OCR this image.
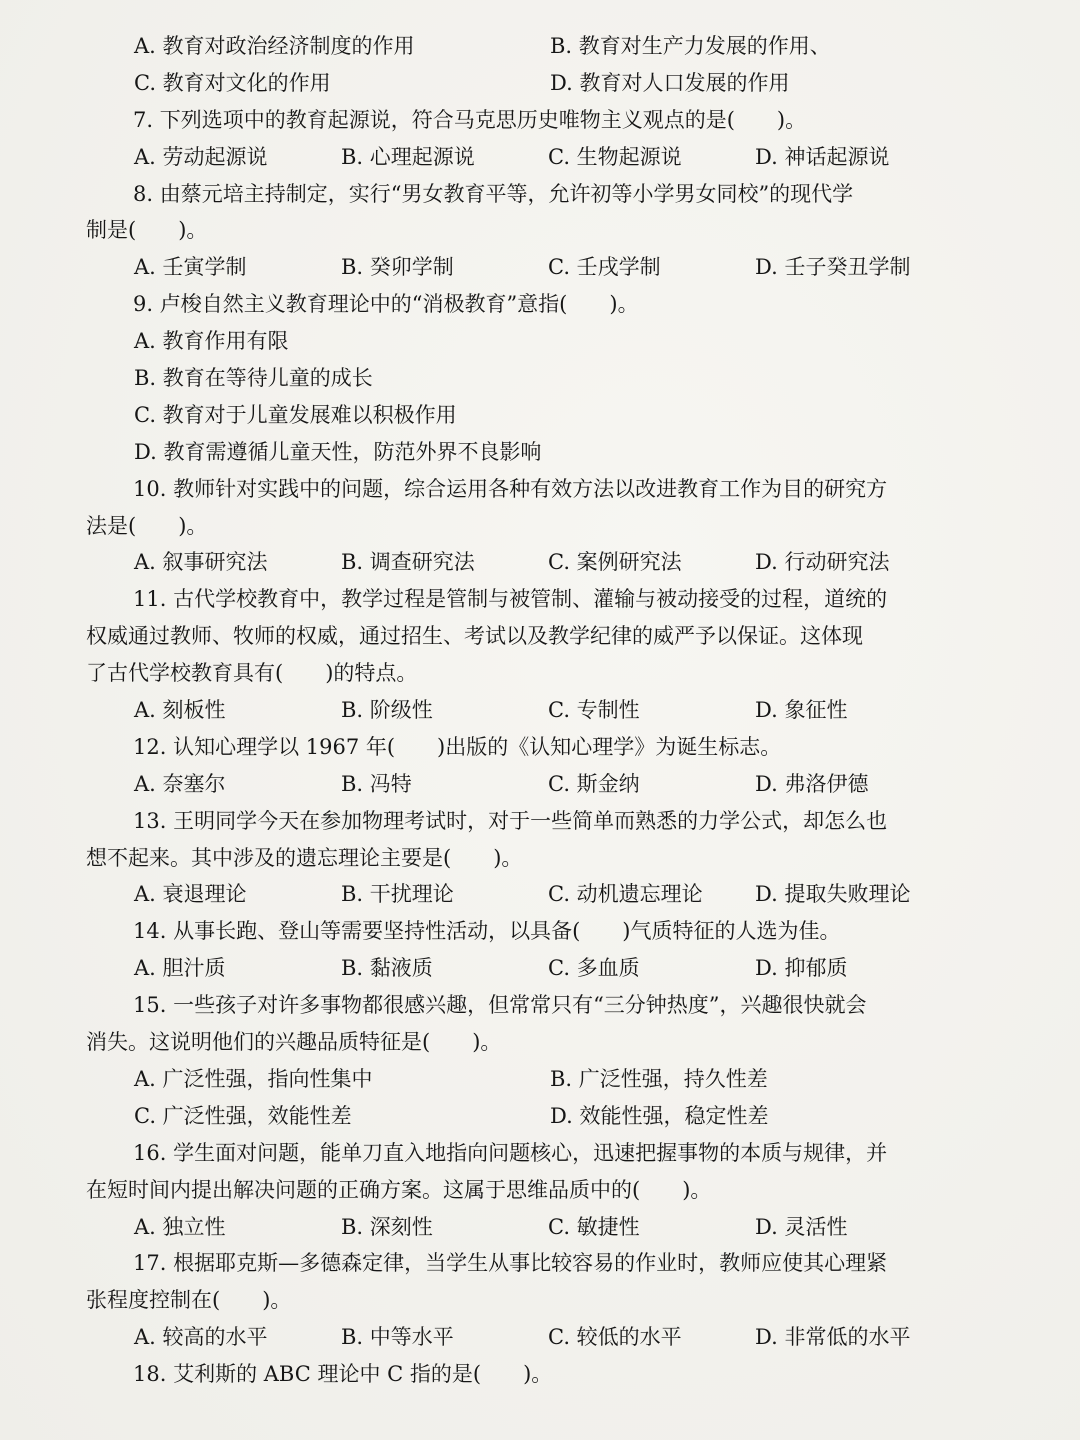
A. 教育对政治经济制度的作用	B. 教育对生产力发展的作用、
C. 教育对文化的作用	D. 教育对人口发展的作用
7. 下列选项中的教育起源说，符合马克思历史唯物主义观点的是(　　)。
A. 劳动起源说	B. 心理起源说	C. 生物起源说	D. 神话起源说
8. 由蔡元培主持制定，实行“男女教育平等，允许初等小学男女同校”的现代学
制是(　　)。
A. 壬寅学制	B. 癸卯学制	C. 壬戌学制	D. 壬子癸丑学制
9. 卢梭自然主义教育理论中的“消极教育”意指(　　)。
A. 教育作用有限
B. 教育在等待儿童的成长
C. 教育对于儿童发展难以积极作用
D. 教育需遵循儿童天性，防范外界不良影响
10. 教师针对实践中的问题，综合运用各种有效方法以改进教育工作为目的研究方
法是(　　)。
A. 叙事研究法	B. 调查研究法	C. 案例研究法	D. 行动研究法
11. 古代学校教育中，教学过程是管制与被管制、灌输与被动接受的过程，道统的
权威通过教师、牧师的权威，通过招生、考试以及教学纪律的威严予以保证。这体现
了古代学校教育具有(　　)的特点。
A. 刻板性	B. 阶级性	C. 专制性	D. 象征性
12. 认知心理学以 1967 年(　　)出版的《认知心理学》为诞生标志。
A. 奈塞尔	B. 冯特	C. 斯金纳	D. 弗洛伊德
13. 王明同学今天在参加物理考试时，对于一些简单而熟悉的力学公式，却怎么也
想不起来。其中涉及的遗忘理论主要是(　　)。
A. 衰退理论	B. 干扰理论	C. 动机遗忘理论	D. 提取失败理论
14. 从事长跑、登山等需要坚持性活动，以具备(　　)气质特征的人选为佳。
A. 胆汁质	B. 黏液质	C. 多血质	D. 抑郁质
15. 一些孩子对许多事物都很感兴趣，但常常只有“三分钟热度”，兴趣很快就会
消失。这说明他们的兴趣品质特征是(　　)。
A. 广泛性强，指向性集中	B. 广泛性强，持久性差
C. 广泛性强，效能性差	D. 效能性强，稳定性差
16. 学生面对问题，能单刀直入地指向问题核心，迅速把握事物的本质与规律，并
在短时间内提出解决问题的正确方案。这属于思维品质中的(　　)。
A. 独立性	B. 深刻性	C. 敏捷性	D. 灵活性
17. 根据耶克斯—多德森定律，当学生从事比较容易的作业时，教师应使其心理紧
张程度控制在(　　)。
A. 较高的水平	B. 中等水平	C. 较低的水平	D. 非常低的水平
18. 艾利斯的 ABC 理论中 C 指的是(　　)。
